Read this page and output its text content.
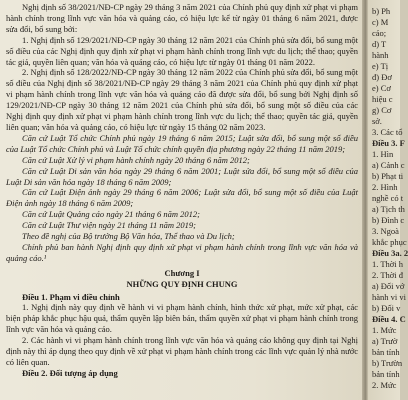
Nghị định số 38/2021/NĐ-CP ngày 29 tháng 3 năm 2021 của Chính phủ quy định xử phạt vi phạm hành chính trong lĩnh vực văn hóa và quảng cáo, có hiệu lực kể từ ngày 01 tháng 6 năm 2021, được sửa đổi, bổ sung bởi:

1. Nghị định số 129/2021/NĐ-CP ngày 30 tháng 12 năm 2021 của Chính phủ sửa đổi, bổ sung một số điều của các Nghị định quy định xử phạt vi phạm hành chính trong lĩnh vực du lịch; thể thao; quyền tác giả, quyền liên quan; văn hóa và quảng cáo, có hiệu lực từ ngày 01 tháng 01 năm 2022.

2. Nghị định số 128/2022/NĐ-CP ngày 30 tháng 12 năm 2022 của Chính phủ sửa đổi, bổ sung một số điều của Nghị định số 38/2021/NĐ-CP ngày 29 tháng 3 năm 2021 của Chính phủ quy định xử phạt vi phạm hành chính trong lĩnh vực văn hóa và quảng cáo đã được sửa đổi, bổ sung bởi Nghị định số 129/2021/NĐ-CP ngày 30 tháng 12 năm 2021 của Chính phủ sửa đổi, bổ sung một số điều của các Nghị định quy định xử phạt vi phạm hành chính trong lĩnh vực du lịch; thể thao; quyền tác giả, quyền liên quan; văn hóa và quảng cáo, có hiệu lực từ ngày 15 tháng 02 năm 2023.

Căn cứ Luật Tổ chức Chính phủ ngày 19 tháng 6 năm 2015; Luật sửa đổi, bổ sung một số điều của Luật Tổ chức Chính phủ và Luật Tổ chức chính quyền địa phương ngày 22 tháng 11 năm 2019;

Căn cứ Luật Xử lý vi phạm hành chính ngày 20 tháng 6 năm 2012;

Căn cứ Luật Di sản văn hóa ngày 29 tháng 6 năm 2001; Luật sửa đổi, bổ sung một số điều của Luật Di sản văn hóa ngày 18 tháng 6 năm 2009;

Căn cứ Luật Điện ảnh ngày 29 tháng 6 năm 2006; Luật sửa đổi, bổ sung một số điều của Luật Điện ảnh ngày 18 tháng 6 năm 2009;

Căn cứ Luật Quảng cáo ngày 21 tháng 6 năm 2012;

Căn cứ Luật Thư viện ngày 21 tháng 11 năm 2019;

Theo đề nghị của Bộ trưởng Bộ Văn hóa, Thể thao và Du lịch;

Chính phủ ban hành Nghị định quy định xử phạt vi phạm hành chính trong lĩnh vực văn hóa và quảng cáo.¹

Chương I

NHỮNG QUY ĐỊNH CHUNG

Điều 1. Phạm vi điều chỉnh

1. Nghị định này quy định về hành vi vi phạm hành chính, hình thức xử phạt, mức xử phạt, các biện pháp khắc phục hậu quả, thẩm quyền lập biên bản, thẩm quyền xử phạt vi phạm hành chính trong lĩnh vực văn hóa và quảng cáo.

2. Các hành vi vi phạm hành chính trong lĩnh vực văn hóa và quảng cáo không quy định tại Nghị định này thì áp dụng theo quy định về xử phạt vi phạm hành chính trong các lĩnh vực quản lý nhà nước có liên quan.

Điều 2. Đối tượng áp dụng

b) Ph
c) M
cáo;
d) T
hành
e) Tị
đ) Đơ
e) Cơ
hiệu c
g) Cơ
sở.
3. Các tổ
Điều 3. F
1. Hìn
a) Cảnh c
b) Phạt ti
2. Hình
nghề có t
a) Tịch th
b) Đình c
3. Ngoà
khắc phục
Điều 3a. 2
1. Thời h
2. Thời đ
a) Đối vớ
hành vi vi
b) Đối v
Điều 4. C
1. Mức
a) Trườ
bản tính
b) Trườn
bản tính
2. Mức
